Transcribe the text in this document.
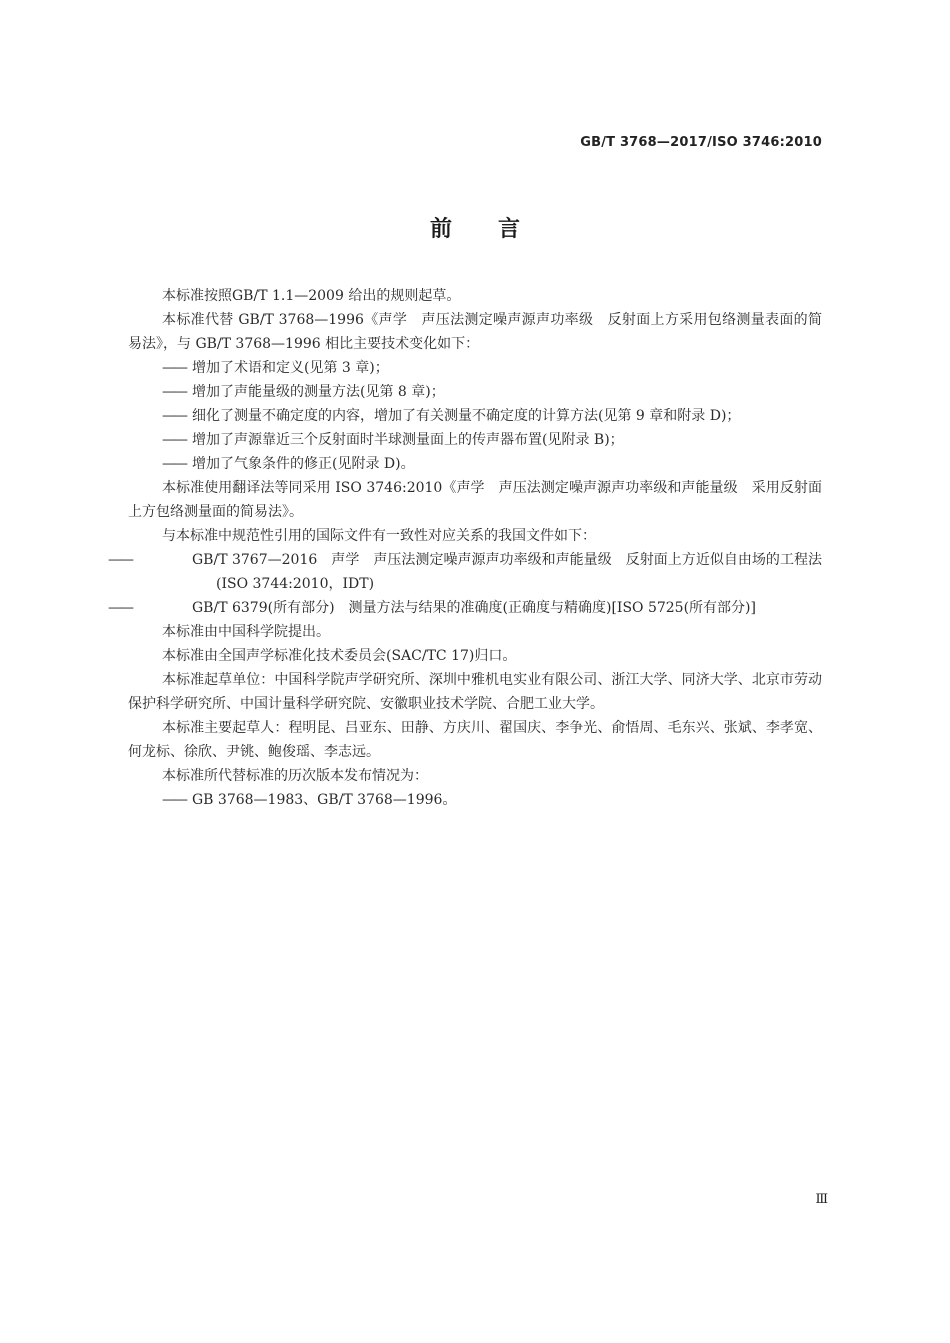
GB/T 3768—2017/ISO 3746:2010
前言

本标准按照GB/T 1.1—2009 给出的规则起草。

本标准代替 GB/T 3768—1996《声学　声压法测定噪声源声功率级　反射面上方采用包络测量表面的简易法》，与 GB/T 3768—1996 相比主要技术变化如下：

—— 增加了术语和定义(见第 3 章)；

—— 增加了声能量级的测量方法(见第 8 章)；

—— 细化了测量不确定度的内容，增加了有关测量不确定度的计算方法(见第 9 章和附录 D)；

—— 增加了声源靠近三个反射面时半球测量面上的传声器布置(见附录 B)；

—— 增加了气象条件的修正(见附录 D)。

本标准使用翻译法等同采用 ISO 3746:2010《声学　声压法测定噪声源声功率级和声能量级　采用反射面上方包络测量面的简易法》。

与本标准中规范性引用的国际文件有一致性对应关系的我国文件如下：

——	GB/T 3767—2016　声学　声压法测定噪声源声功率级和声能量级　反射面上方近似自由场的工程法(ISO 3744:2010，IDT)

——	GB/T 6379(所有部分)　测量方法与结果的准确度(正确度与精确度)[ISO 5725(所有部分)]

本标准由中国科学院提出。

本标准由全国声学标准化技术委员会(SAC/TC 17)归口。

本标准起草单位：中国科学院声学研究所、深圳中雅机电实业有限公司、浙江大学、同济大学、北京市劳动保护科学研究所、中国计量科学研究院、安徽职业技术学院、合肥工业大学。

本标准主要起草人：程明昆、吕亚东、田静、方庆川、翟国庆、李争光、俞悟周、毛东兴、张斌、李孝宽、何龙标、徐欣、尹铫、鲍俊瑶、李志远。

本标准所代替标准的历次版本发布情况为：

—— GB 3768—1983、GB/T 3768—1996。

Ⅲ
